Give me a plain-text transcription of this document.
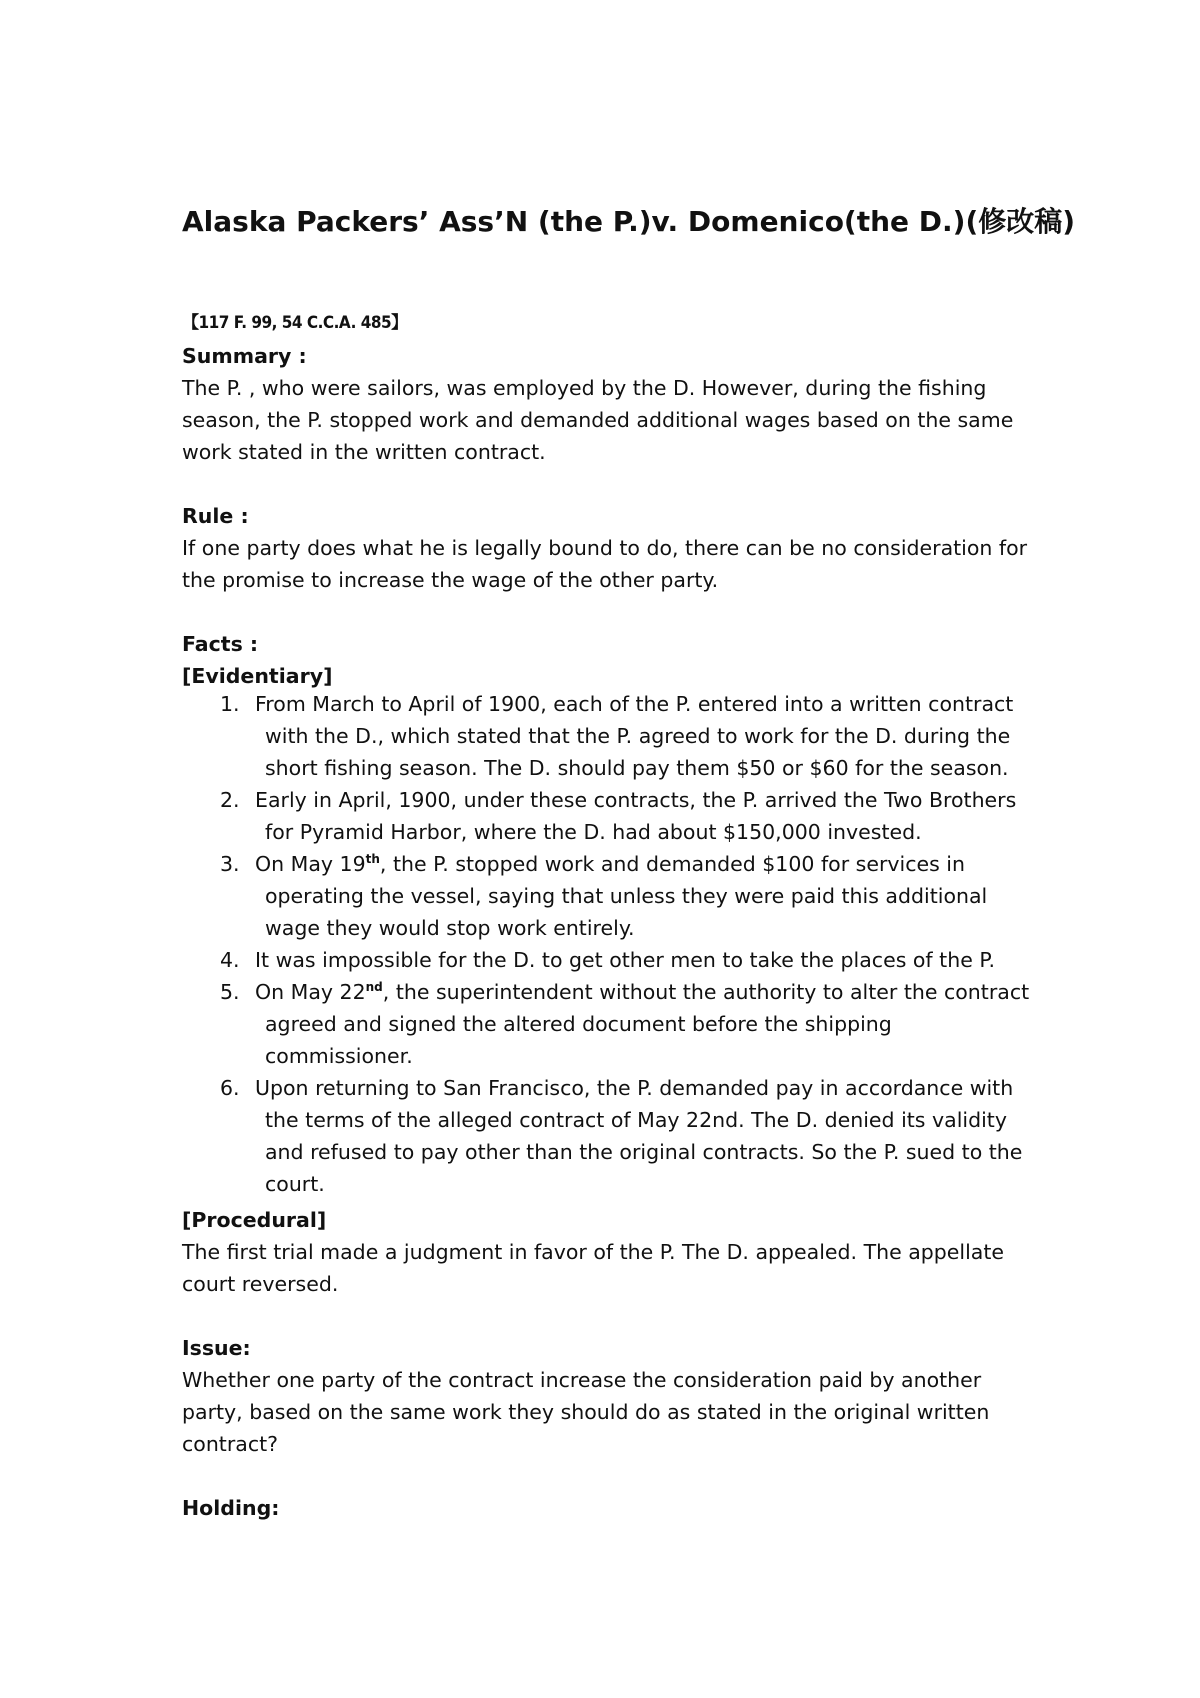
Alaska Packers’ Ass’N (the P.)v. Domenico(the D.)(修改稿)

【117 F. 99, 54 C.C.A. 485】

Summary :

The P. , who were sailors, was employed by the D. However, during the fishing season, the P. stopped work and demanded additional wages based on the same work stated in the written contract.

Rule :

If one party does what he is legally bound to do, there can be no consideration for the promise to increase the wage of the other party.

Facts :

[Evidentiary]

1. From March to April of 1900, each of the P. entered into a written contract with the D., which stated that the P. agreed to work for the D. during the short fishing season. The D. should pay them $50 or $60 for the season.
2. Early in April, 1900, under these contracts, the P. arrived the Two Brothers for Pyramid Harbor, where the D. had about $150,000 invested.
3. On May 19th, the P. stopped work and demanded $100 for services in operating the vessel, saying that unless they were paid this additional wage they would stop work entirely.
4. It was impossible for the D. to get other men to take the places of the P.
5. On May 22nd, the superintendent without the authority to alter the contract agreed and signed the altered document before the shipping commissioner.
6. Upon returning to San Francisco, the P. demanded pay in accordance with the terms of the alleged contract of May 22nd. The D. denied its validity and refused to pay other than the original contracts. So the P. sued to the court.

[Procedural]

The first trial made a judgment in favor of the P. The D. appealed. The appellate court reversed.

Issue:

Whether one party of the contract increase the consideration paid by another party, based on the same work they should do as stated in the original written contract?

Holding:
